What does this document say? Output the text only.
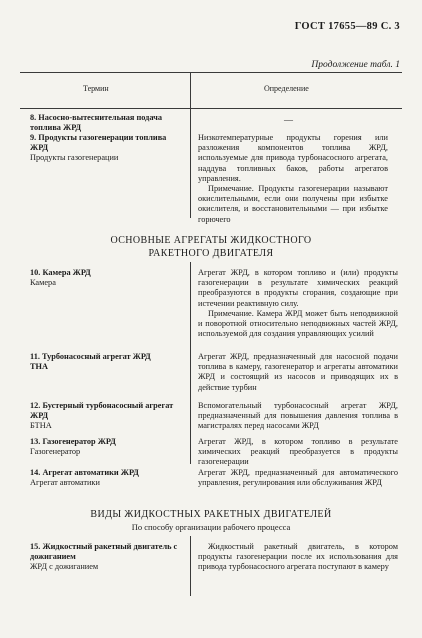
ГОСТ 17655—89 С. 3
Продолжение табл. 1
Термин	Определение
8. Насосно-вытеснительная подача топлива ЖРД
—
9. Продукты газогенерации топлива ЖРД
Продукты газогенерации
Низкотемпературные продукты горения или разложения компонентов топлива ЖРД, используемые для привода турбонасосного агрегата, наддува топливных баков, работы агрегатов управления.
Примечание. Продукты газогенерации называют окислительными, если они получены при избытке окислителя, и восстановительными — при избытке горючего
ОСНОВНЫЕ АГРЕГАТЫ ЖИДКОСТНОГО
РАКЕТНОГО ДВИГАТЕЛЯ
10. Камера ЖРД
Камера
Агрегат ЖРД, в котором топливо и (или) продукты газогенерации в результате химических реакций преобразуются в продукты сгорания, создающие при истечении реактивную силу.
Примечание. Камера ЖРД может быть неподвижной и поворотной относительно неподвижных частей ЖРД, используемой для создания управляющих усилий
11. Турбонасосный агрегат ЖРД
ТНА
Агрегат ЖРД, предназначенный для насосной подачи топлива в камеру, газогенератор и агрегаты автоматики ЖРД и состоящий из насосов и приводящих их в действие турбин
12. Бустерный турбонасосный агрегат ЖРД
БТНА
Вспомогательный турбонасосный агрегат ЖРД, предназначенный для повышения давления топлива в магистралях перед насосами ЖРД
13. Газогенератор ЖРД
Газогенератор
Агрегат ЖРД, в котором топливо в результате химических реакций преобразуется в продукты газогенерации
14. Агрегат автоматики ЖРД
Агрегат автоматики
Агрегат ЖРД, предназначенный для автоматического управления, регулирования или обслуживания ЖРД
ВИДЫ ЖИДКОСТНЫХ РАКЕТНЫХ ДВИГАТЕЛЕЙ
По способу организации рабочего процесса
15. Жидкостный ракетный двигатель с дожиганием
ЖРД с дожиганием
Жидкостный ракетный двигатель, в котором продукты газогенерации после их использования для привода турбонасосного агрегата поступают в камеру
